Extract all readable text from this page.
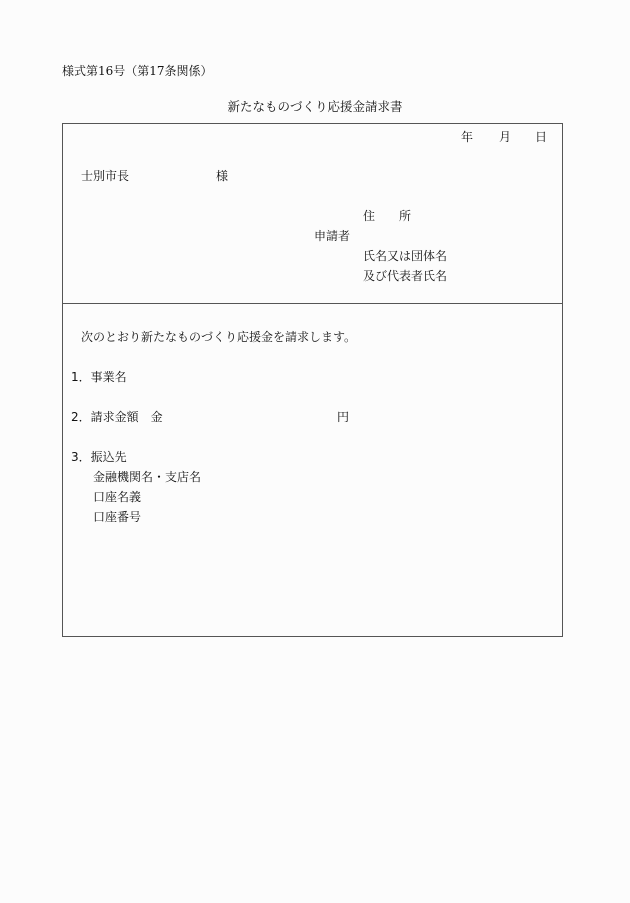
様式第16号（第17条関係）
新たなものづくり応援金請求書
年 月 日
士別市長	様
住　　所
申請者
氏名又は団体名
及び代表者氏名
次のとおり新たなものづくり応援金を請求します。
1．事業名
2．請求金額　金	円
3．振込先
金融機関名・支店名
口座名義
口座番号
